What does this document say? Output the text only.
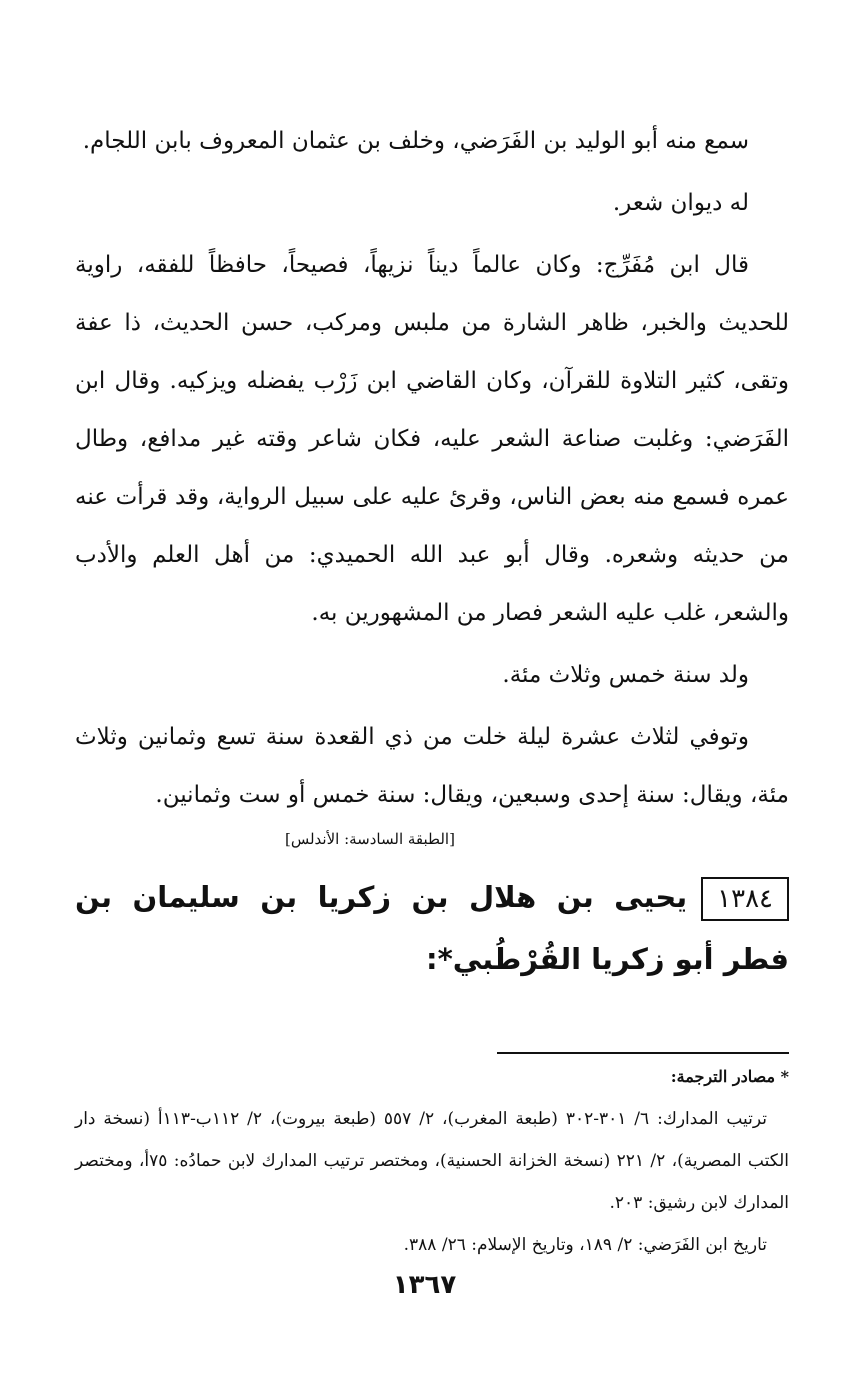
سمع منه أبو الوليد بن الفَرَضي، وخلف بن عثمان المعروف بابن اللجام.

له ديوان شعر.

قال ابن مُفَرِّج: وكان عالماً ديناً نزيهاً، فصيحاً، حافظاً للفقه، راوية للحديث والخبر، ظاهر الشارة من ملبس ومركب، حسن الحديث، ذا عفة وتقى، كثير التلاوة للقرآن، وكان القاضي ابن زَرْب يفضله ويزكيه. وقال ابن الفَرَضي: وغلبت صناعة الشعر عليه، فكان شاعر وقته غير مدافع، وطال عمره فسمع منه بعض الناس، وقرئ عليه على سبيل الرواية، وقد قرأت عنه من حديثه وشعره. وقال أبو عبد الله الحميدي: من أهل العلم والأدب والشعر، غلب عليه الشعر فصار من المشهورين به.

ولد سنة خمس وثلاث مئة.

وتوفي لثلاث عشرة ليلة خلت من ذي القعدة سنة تسع وثمانين وثلاث مئة، ويقال: سنة إحدى وسبعين، ويقال: سنة خمس أو ست وثمانين.

[الطبقة السادسة: الأندلس]

١٣٨٤يحيى بن هلال بن زكريا بن سليمان بن فطر أبو زكريا القُرْطُبي*:

* مصادر الترجمة:

ترتيب المدارك: ٦/ ٣٠١-٣٠٢ (طبعة المغرب)، ٢/ ٥٥٧ (طبعة بيروت)، ٢/ ١١٢ب-١١٣أ (نسخة دار الكتب المصرية)، ٢/ ٢٢١ (نسخة الخزانة الحسنية)، ومختصر ترتيب المدارك لابن حمادُه: ٧٥أ، ومختصر المدارك لابن رشيق: ٢٠٣.

تاريخ ابن الفَرَضي: ٢/ ١٨٩، وتاريخ الإسلام: ٢٦/ ٣٨٨.

١٣٦٧
